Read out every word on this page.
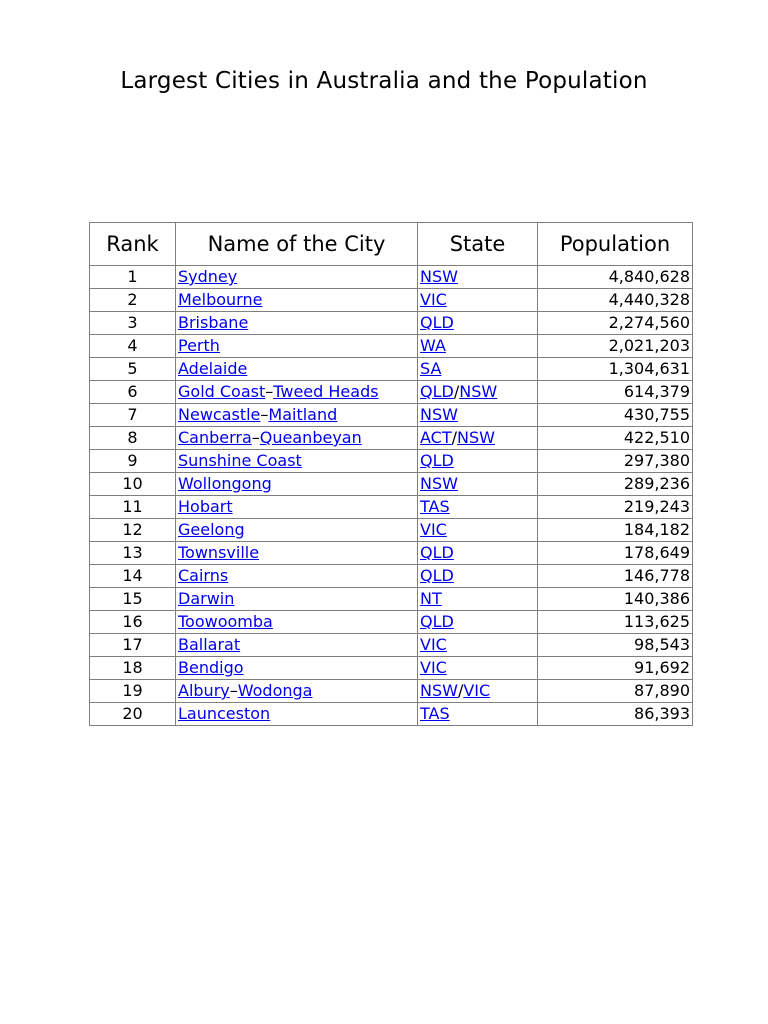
Largest Cities in Australia and the Population
Rank	Name of the City	State	Population
1	Sydney	NSW	4,840,628
2	Melbourne	VIC	4,440,328
3	Brisbane	QLD	2,274,560
4	Perth	WA	2,021,203
5	Adelaide	SA	1,304,631
6	Gold Coast–Tweed Heads	QLD/NSW	614,379
7	Newcastle–Maitland	NSW	430,755
8	Canberra–Queanbeyan	ACT/NSW	422,510
9	Sunshine Coast	QLD	297,380
10	Wollongong	NSW	289,236
11	Hobart	TAS	219,243
12	Geelong	VIC	184,182
13	Townsville	QLD	178,649
14	Cairns	QLD	146,778
15	Darwin	NT	140,386
16	Toowoomba	QLD	113,625
17	Ballarat	VIC	98,543
18	Bendigo	VIC	91,692
19	Albury–Wodonga	NSW/VIC	87,890
20	Launceston	TAS	86,393
